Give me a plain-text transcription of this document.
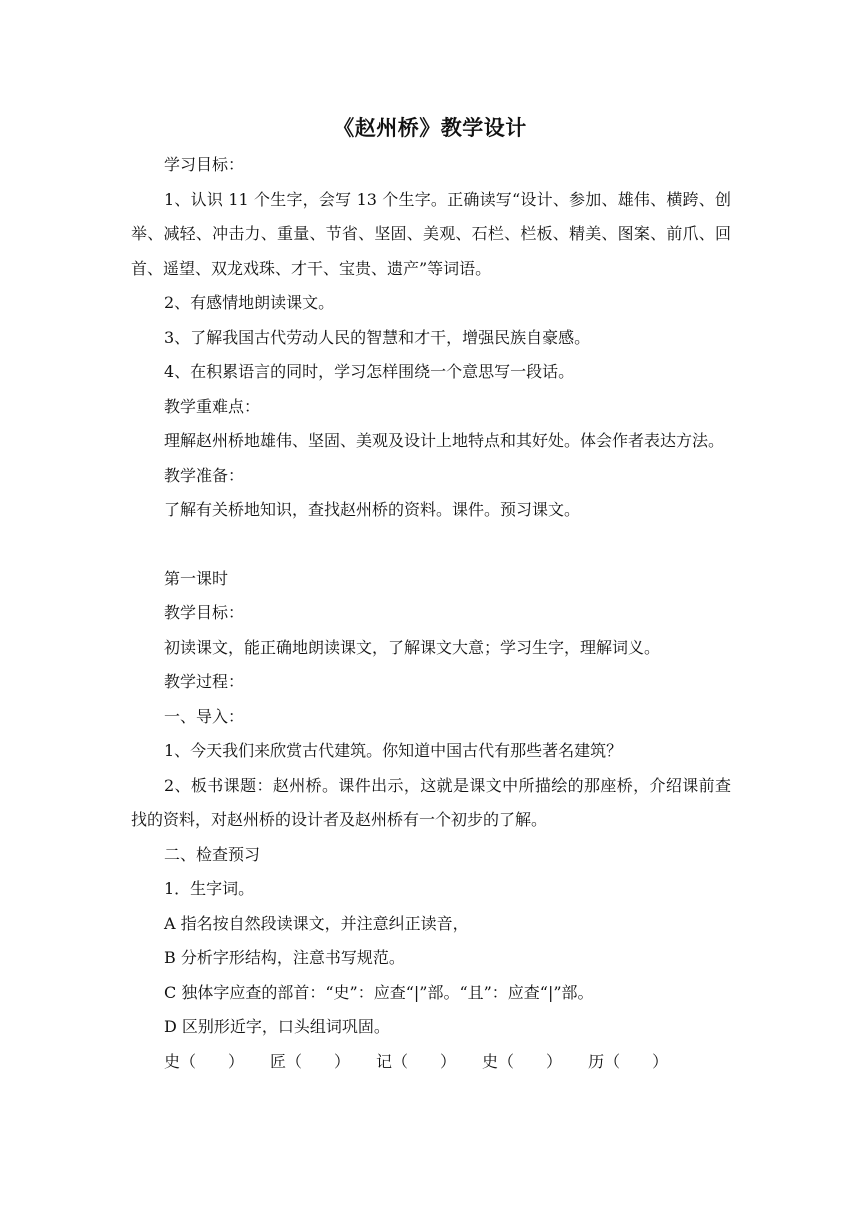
《赵州桥》教学设计

学习目标：

1、认识 11 个生字，会写 13 个生字。正确读写“设计、参加、雄伟、横跨、创举、减轻、冲击力、重量、节省、坚固、美观、石栏、栏板、精美、图案、前爪、回首、遥望、双龙戏珠、才干、宝贵、遗产”等词语。

2、有感情地朗读课文。

3、了解我国古代劳动人民的智慧和才干，增强民族自豪感。

4、在积累语言的同时，学习怎样围绕一个意思写一段话。

教学重难点：

理解赵州桥地雄伟、坚固、美观及设计上地特点和其好处。体会作者表达方法。

教学准备：

了解有关桥地知识，查找赵州桥的资料。课件。预习课文。

第一课时

教学目标：

初读课文，能正确地朗读课文，了解课文大意；学习生字，理解词义。

教学过程：

一、导入：

1、今天我们来欣赏古代建筑。你知道中国古代有那些著名建筑？

2、板书课题：赵州桥。课件出示，这就是课文中所描绘的那座桥，介绍课前查找的资料，对赵州桥的设计者及赵州桥有一个初步的了解。

二、检查预习

1．生字词。

A 指名按自然段读课文，并注意纠正读音，

B 分析字形结构，注意书写规范。

C 独体字应查的部首：“史”：应查“|”部。“且”：应查“|”部。

D 区别形近字，口头组词巩固。

史（　　） 匠（　　） 记（　　） 史（　　） 历（　　）
